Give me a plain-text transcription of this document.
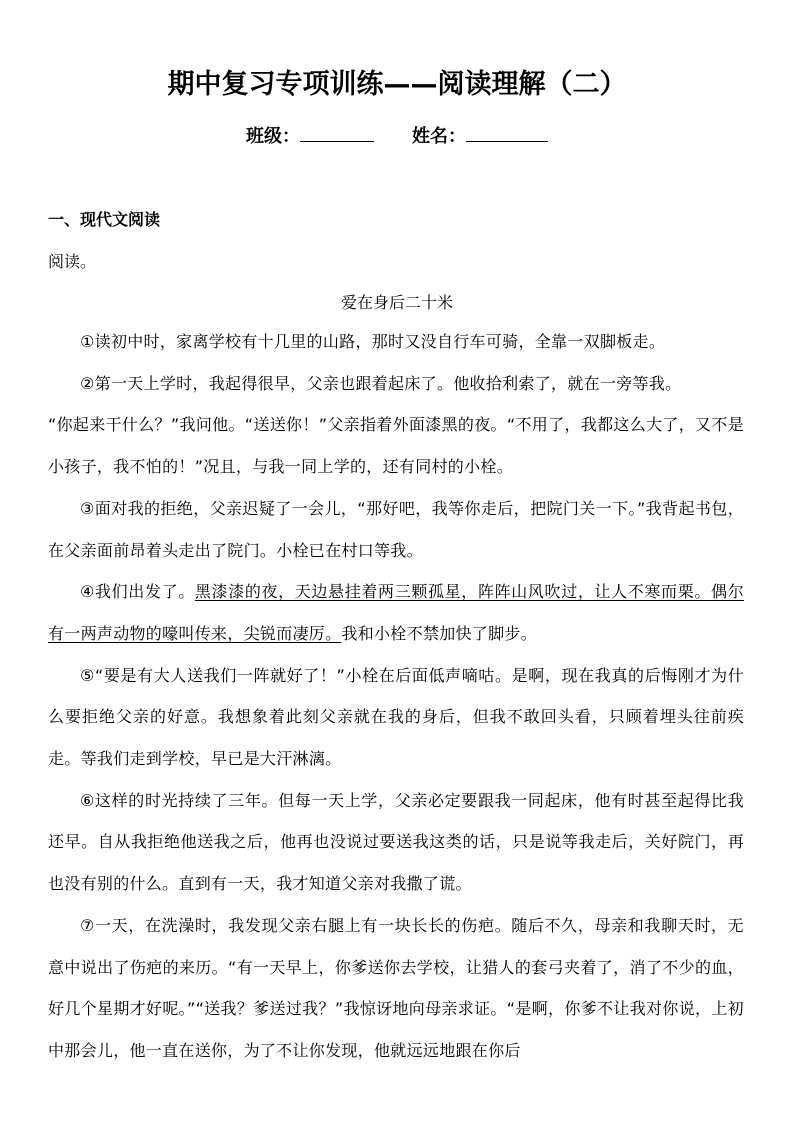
期中复习专项训练——阅读理解（二）
班级：	姓名：
一、现代文阅读
阅读。
爱在身后二十米

①读初中时，家离学校有十几里的山路，那时又没自行车可骑，全靠一双脚板走。

②第一天上学时，我起得很早，父亲也跟着起床了。他收拾利索了，就在一旁等我。

“你起来干什么？”我问他。“送送你！”父亲指着外面漆黑的夜。“不用了，我都这么大了，又不是小孩子，我不怕的！”况且，与我一同上学的，还有同村的小栓。

③面对我的拒绝，父亲迟疑了一会儿，“那好吧，我等你走后，把院门关一下。”我背起书包，在父亲面前昂着头走出了院门。小栓已在村口等我。

④我们出发了。黑漆漆的夜，天边悬挂着两三颗孤星，阵阵山风吹过，让人不寒而栗。偶尔有一两声动物的嚎叫传来，尖锐而凄厉。我和小栓不禁加快了脚步。

⑤“要是有大人送我们一阵就好了！”小栓在后面低声嘀咕。是啊，现在我真的后悔刚才为什么要拒绝父亲的好意。我想象着此刻父亲就在我的身后，但我不敢回头看，只顾着埋头往前疾走。等我们走到学校，早已是大汗淋漓。

⑥这样的时光持续了三年。但每一天上学，父亲必定要跟我一同起床，他有时甚至起得比我还早。自从我拒绝他送我之后，他再也没说过要送我这类的话，只是说等我走后，关好院门，再也没有别的什么。直到有一天，我才知道父亲对我撒了谎。

⑦一天，在洗澡时，我发现父亲右腿上有一块长长的伤疤。随后不久，母亲和我聊天时，无意中说出了伤疤的来历。“有一天早上，你爹送你去学校，让猎人的套弓夹着了，消了不少的血，好几个星期才好呢。”“送我？爹送过我？”我惊讶地向母亲求证。“是啊，你爹不让我对你说，上初中那会儿，他一直在送你，为了不让你发现，他就远远地跟在你后
